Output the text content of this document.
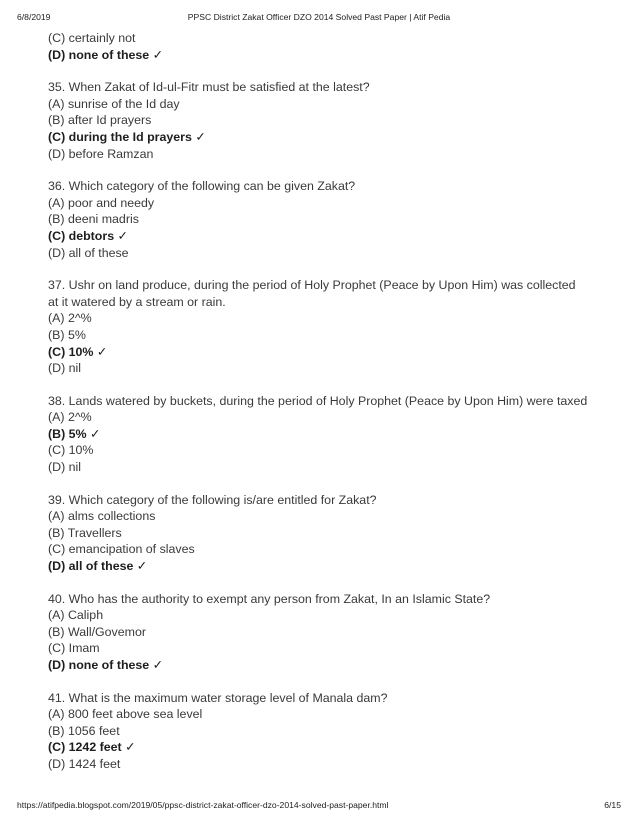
6/8/2019	PPSC District Zakat Officer DZO 2014 Solved Past Paper | Atif Pedia
(C) certainly not
(D) none of these ✓
35. When Zakat of Id-ul-Fitr must be satisfied at the latest?
(A) sunrise of the Id day
(B) after Id prayers
(C) during the Id prayers ✓
(D) before Ramzan
36. Which category of the following can be given Zakat?
(A) poor and needy
(B) deeni madris
(C) debtors ✓
(D) all of these
37. Ushr on land produce, during the period of Holy Prophet (Peace by Upon Him) was collected at it watered by a stream or rain.
(A) 2^%
(B) 5%
(C) 10% ✓
(D) nil
38. Lands watered by buckets, during the period of Holy Prophet (Peace by Upon Him) were taxed
(A) 2^%
(B) 5% ✓
(C) 10%
(D) nil
39. Which category of the following is/are entitled for Zakat?
(A) alms collections
(B) Travellers
(C) emancipation of slaves
(D) all of these ✓
40. Who has the authority to exempt any person from Zakat, In an Islamic State?
(A) Caliph
(B) Wall/Govemor
(C) Imam
(D) none of these ✓
41. What is the maximum water storage level of Manala dam?
(A) 800 feet above sea level
(B) 1056 feet
(C) 1242 feet ✓
(D) 1424 feet
https://atifpedia.blogspot.com/2019/05/ppsc-district-zakat-officer-dzo-2014-solved-past-paper.html	6/15
